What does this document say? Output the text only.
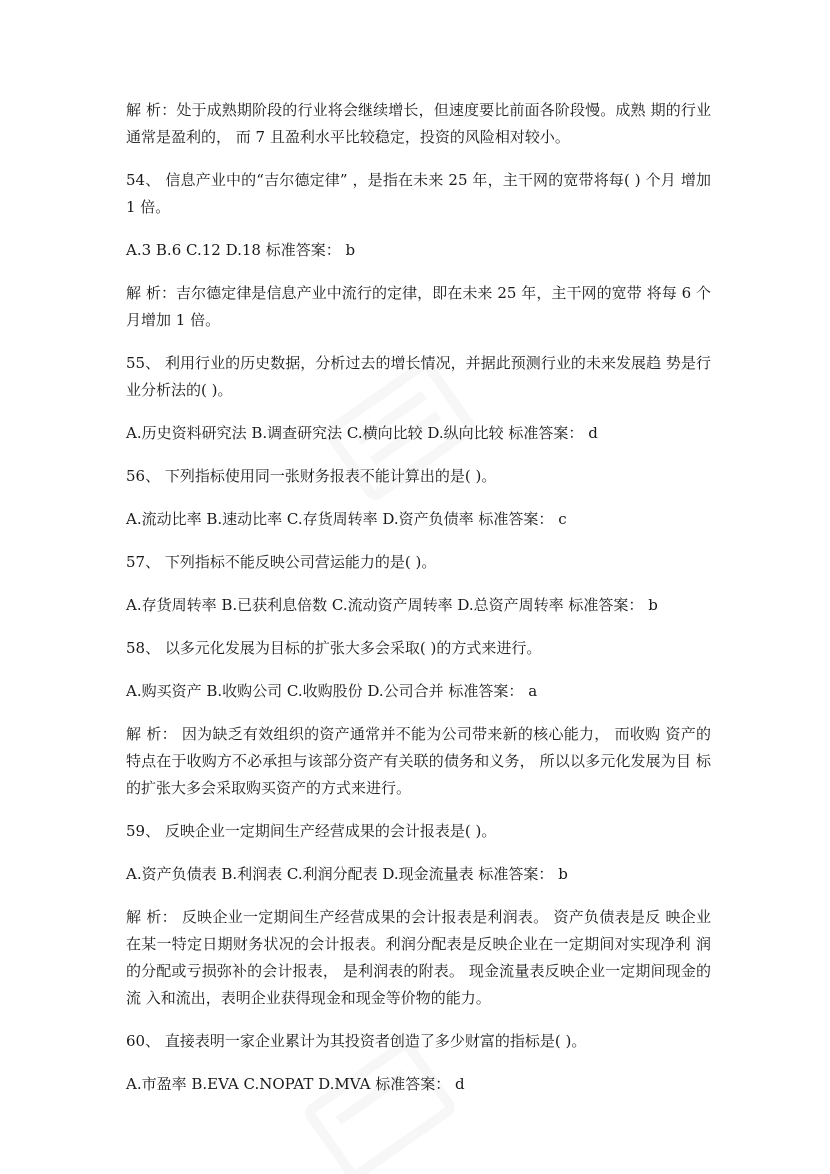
解 析：处于成熟期阶段的行业将会继续增长，但速度要比前面各阶段慢。成熟 期的行业通常是盈利的， 而 7 且盈利水平比较稳定，投资的风险相对较小。

54、 信息产业中的“吉尔德定律” ，是指在未来 25 年，主干网的宽带将每( ) 个月 增加 1 倍。

A.3 B.6 C.12 D.18 标准答案： b

解 析：吉尔德定律是信息产业中流行的定律，即在未来 25 年，主干网的宽带 将每 6 个月增加 1 倍。

55、 利用行业的历史数据，分析过去的增长情况，并据此预测行业的未来发展趋 势是行业分析法的( )。

A.历史资料研究法 B.调查研究法 C.横向比较 D.纵向比较 标准答案： d

56、 下列指标使用同一张财务报表不能计算出的是( )。

A.流动比率 B.速动比率 C.存货周转率 D.资产负债率 标准答案： c

57、 下列指标不能反映公司营运能力的是( )。

A.存货周转率 B.已获利息倍数 C.流动资产周转率 D.总资产周转率 标准答案： b

58、 以多元化发展为目标的扩张大多会采取( )的方式来进行。

A.购买资产 B.收购公司 C.收购股份 D.公司合并 标准答案： a

解 析： 因为缺乏有效组织的资产通常并不能为公司带来新的核心能力， 而收购 资产的特点在于收购方不必承担与该部分资产有关联的债务和义务， 所以以多元化发展为目 标的扩张大多会采取购买资产的方式来进行。

59、 反映企业一定期间生产经营成果的会计报表是( )。

A.资产负债表 B.利润表 C.利润分配表 D.现金流量表 标准答案： b

解 析： 反映企业一定期间生产经营成果的会计报表是利润表。 资产负债表是反 映企业在某一特定日期财务状况的会计报表。利润分配表是反映企业在一定期间对实现净利 润的分配或亏损弥补的会计报表， 是利润表的附表。 现金流量表反映企业一定期间现金的流 入和流出，表明企业获得现金和现金等价物的能力。

60、 直接表明一家企业累计为其投资者创造了多少财富的指标是( )。

A.市盈率 B.EVA C.NOPAT D.MVA 标准答案： d
